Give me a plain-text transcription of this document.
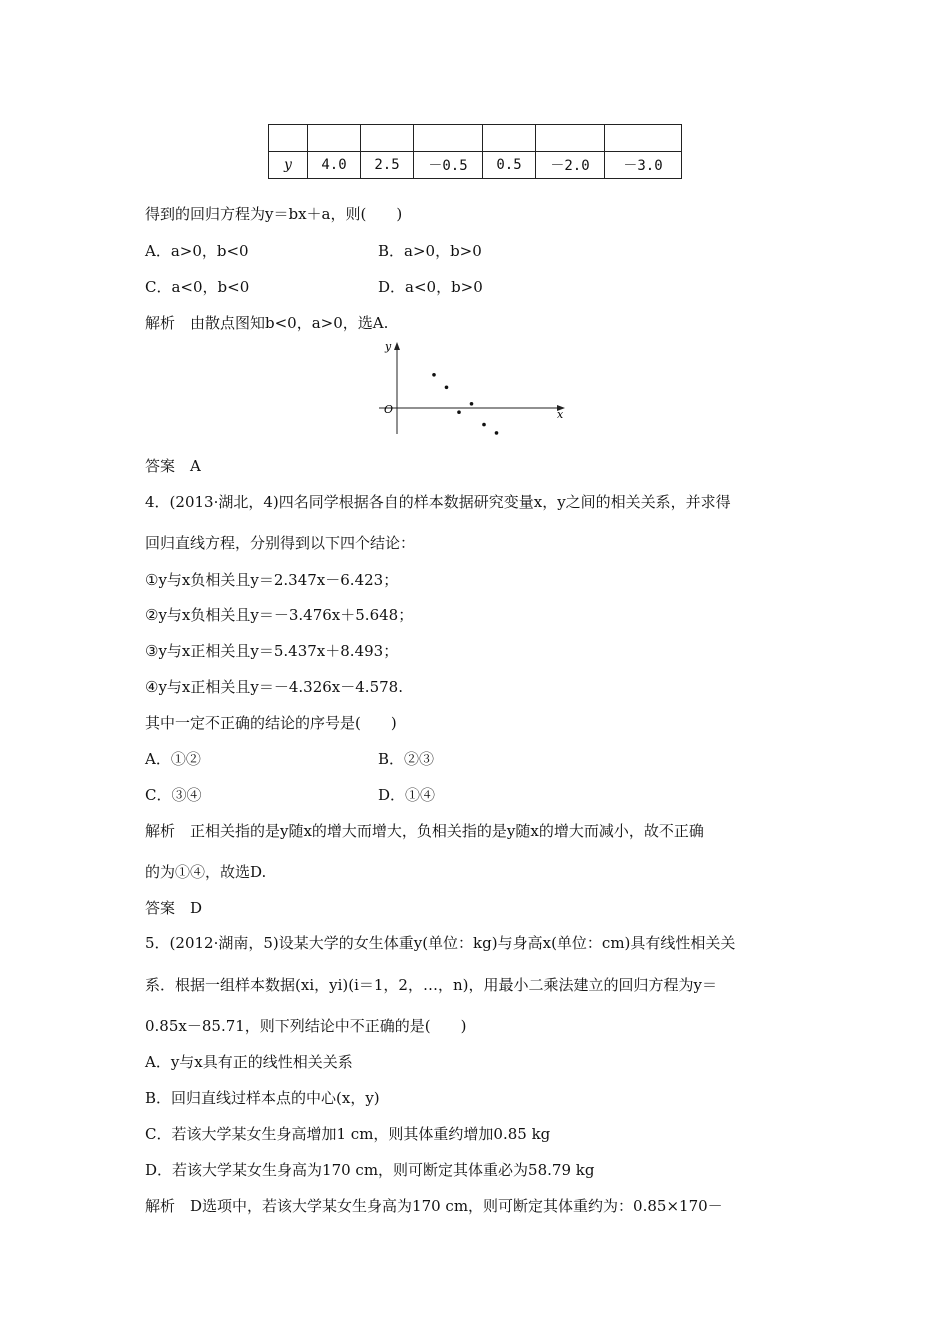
y	4.0	2.5	－0.5	0.5	－2.0	－3.0
得到的回归方程为y＝bx＋a，则(　　)
A．a>0，b<0	B．a>0，b>0
C．a<0，b<0	D．a<0，b>0
解析　由散点图知b<0，a>0，选A.
y
x
O
答案　A
4．(2013·湖北，4)四名同学根据各自的样本数据研究变量x，y之间的相关关系，并求得
回归直线方程，分别得到以下四个结论：
①y与x负相关且y＝2.347x－6.423；
②y与x负相关且y＝－3.476x＋5.648；
③y与x正相关且y＝5.437x＋8.493；
④y与x正相关且y＝－4.326x－4.578.
其中一定不正确的结论的序号是(　　)
A．①②	B．②③
C．③④	D．①④
解析　正相关指的是y随x的增大而增大，负相关指的是y随x的增大而减小，故不正确
的为①④，故选D.
答案　D
5．(2012·湖南，5)设某大学的女生体重y(单位：kg)与身高x(单位：cm)具有线性相关关
系．根据一组样本数据(xi，yi)(i＝1，2，…，n)，用最小二乘法建立的回归方程为y＝
0.85x－85.71，则下列结论中不正确的是(　　)
A．y与x具有正的线性相关关系
B．回归直线过样本点的中心(x，y)
C．若该大学某女生身高增加1 cm，则其体重约增加0.85 kg
D．若该大学某女生身高为170 cm，则可断定其体重必为58.79 kg
解析　D选项中，若该大学某女生身高为170 cm，则可断定其体重约为：0.85×170－
